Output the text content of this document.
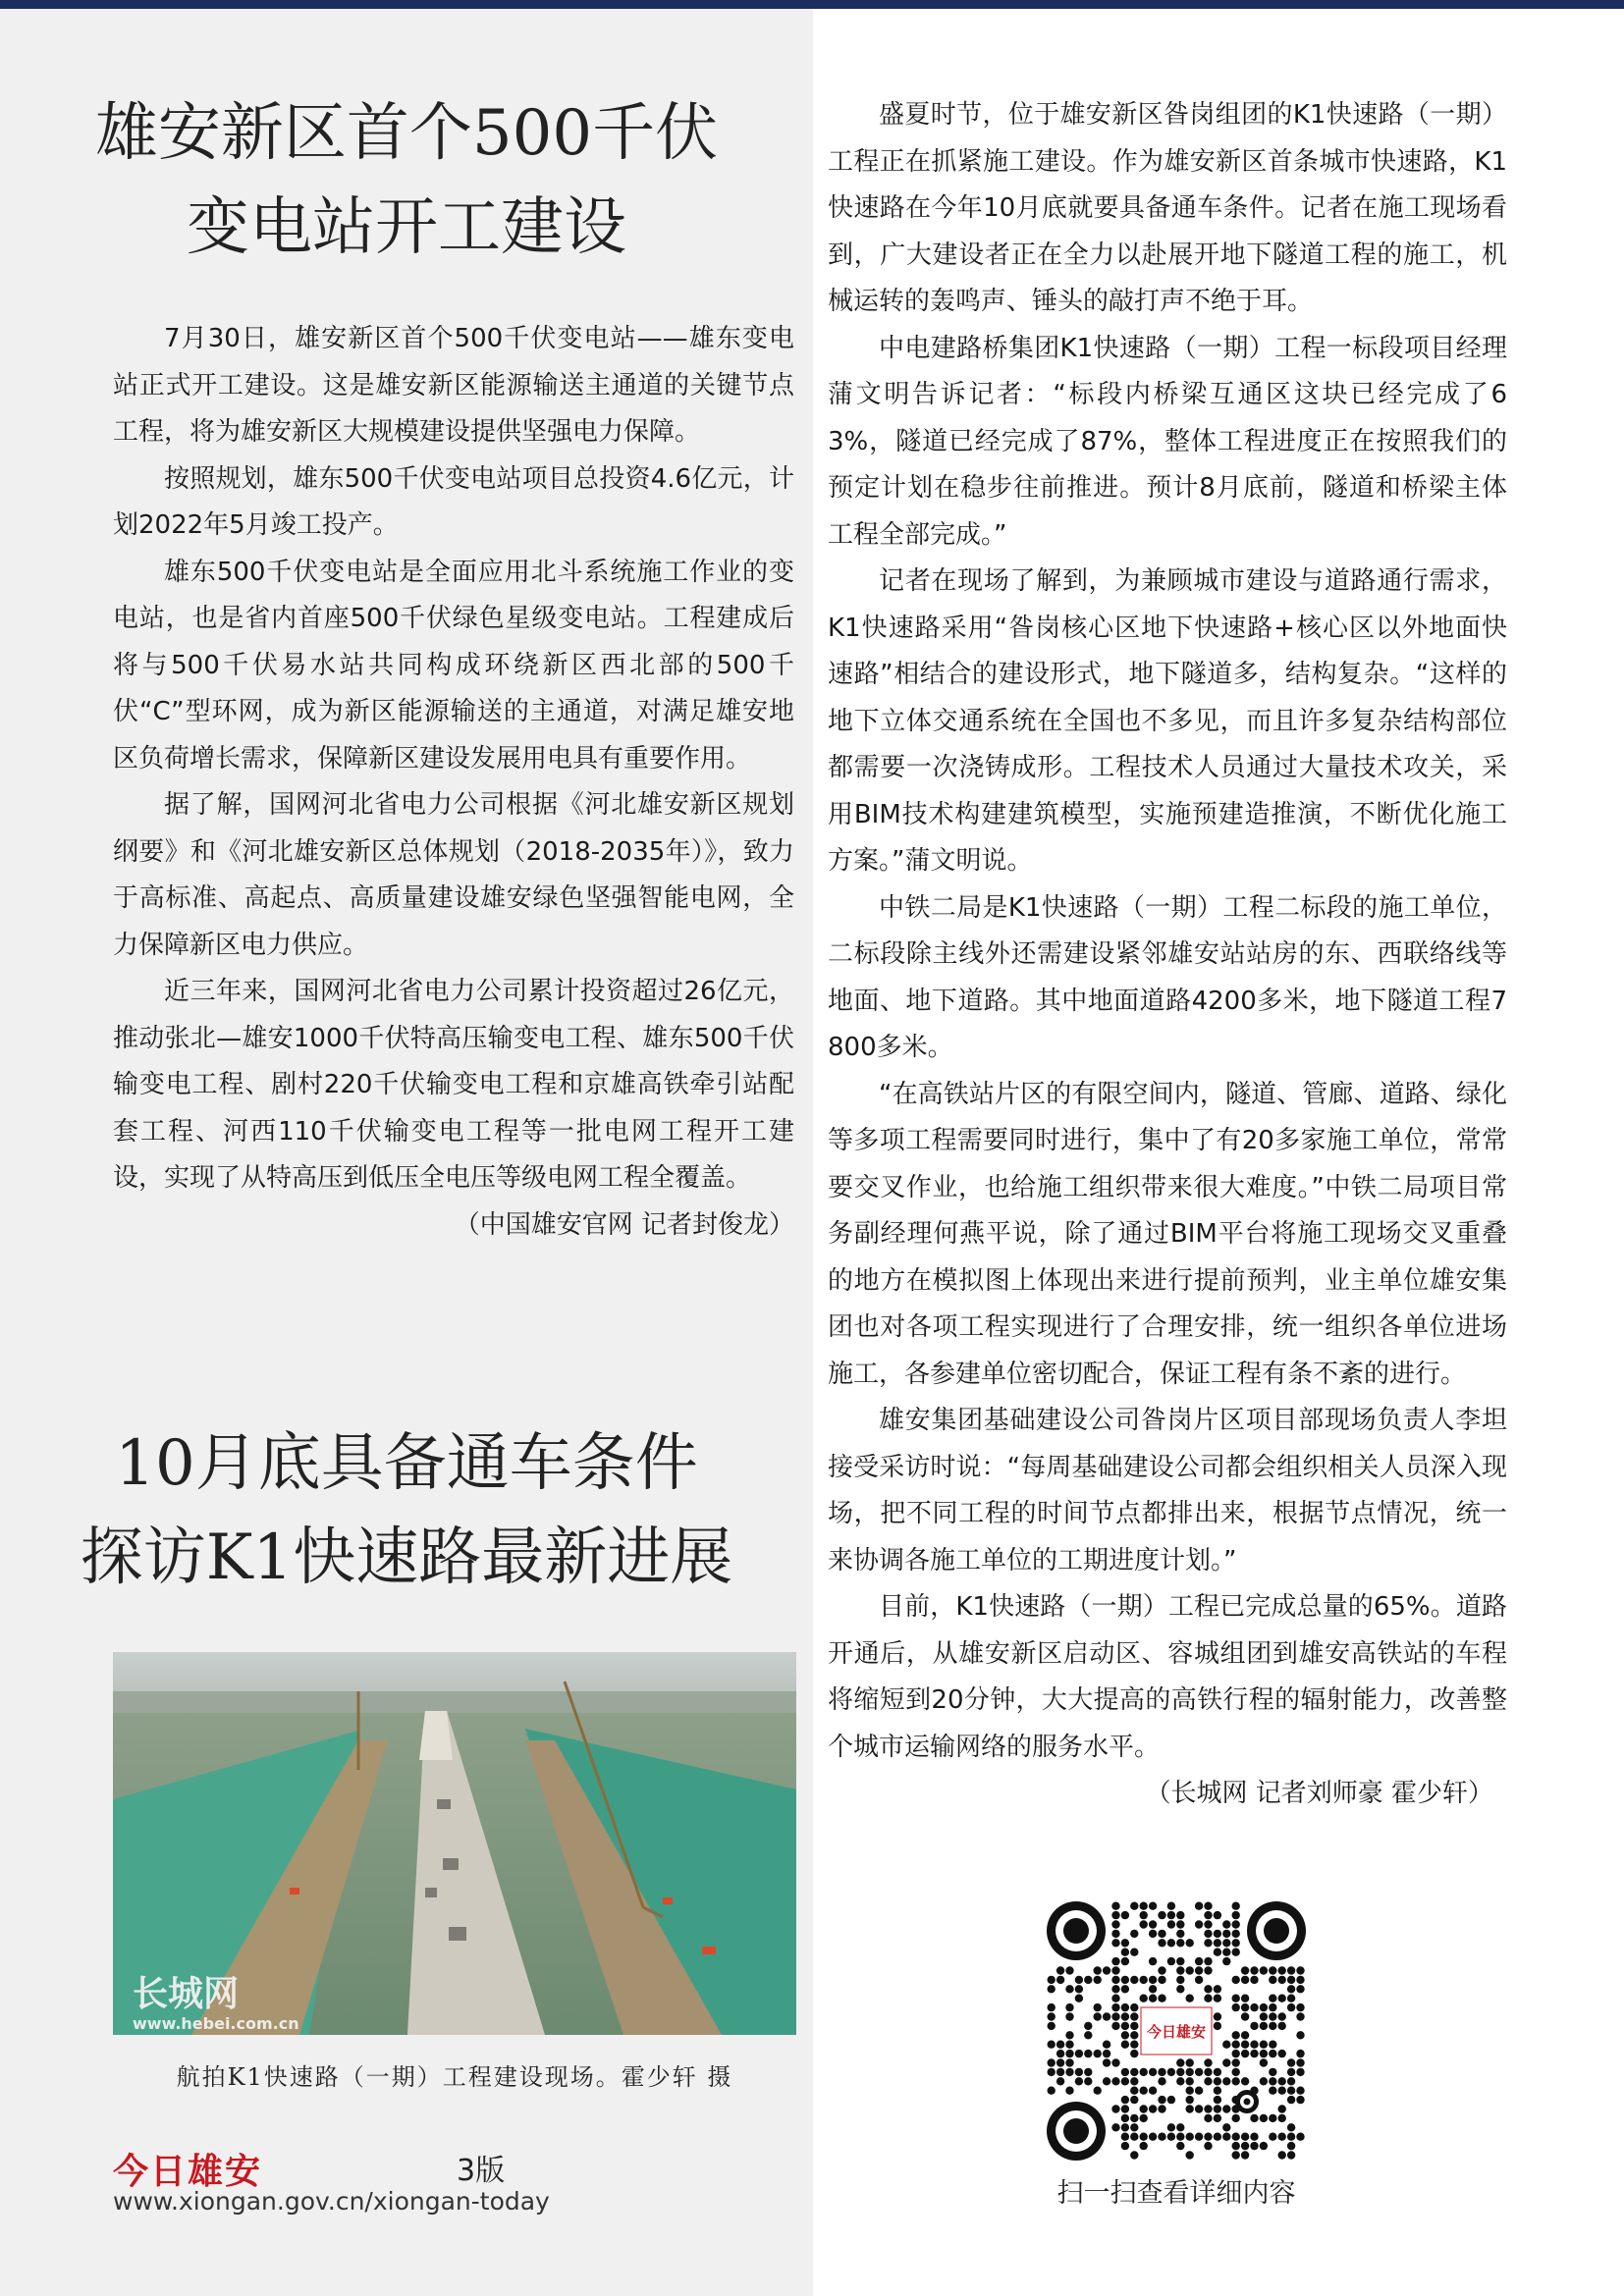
雄安新区首个500千伏
变电站开工建设

7月30日，雄安新区首个500千伏变电站——雄东变电站正式开工建设。这是雄安新区能源输送主通道的关键节点工程，将为雄安新区大规模建设提供坚强电力保障。

按照规划，雄东500千伏变电站项目总投资4.6亿元，计划2022年5月竣工投产。

雄东500千伏变电站是全面应用北斗系统施工作业的变电站，也是省内首座500千伏绿色星级变电站。工程建成后将与500千伏易水站共同构成环绕新区西北部的500千伏“C”型环网，成为新区能源输送的主通道，对满足雄安地区负荷增长需求，保障新区建设发展用电具有重要作用。

据了解，国网河北省电力公司根据《河北雄安新区规划纲要》和《河北雄安新区总体规划（2018-2035年）》，致力于高标准、高起点、高质量建设雄安绿色坚强智能电网，全力保障新区电力供应。

近三年来，国网河北省电力公司累计投资超过26亿元，推动张北—雄安1000千伏特高压输变电工程、雄东500千伏输变电工程、剧村220千伏输变电工程和京雄高铁牵引站配套工程、河西110千伏输变电工程等一批电网工程开工建设，实现了从特高压到低压全电压等级电网工程全覆盖。
（中国雄安官网 记者封俊龙）

10月底具备通车条件
探访K1快速路最新进展
长城网
www.hebei.com.cn
航拍K1快速路（一期）工程建设现场。霍少轩 摄

盛夏时节，位于雄安新区昝岗组团的K1快速路（一期）工程正在抓紧施工建设。作为雄安新区首条城市快速路，K1快速路在今年10月底就要具备通车条件。记者在施工现场看到，广大建设者正在全力以赴展开地下隧道工程的施工，机械运转的轰鸣声、锤头的敲打声不绝于耳。

中电建路桥集团K1快速路（一期）工程一标段项目经理蒲文明告诉记者：“标段内桥梁互通区这块已经完成了63%，隧道已经完成了87%，整体工程进度正在按照我们的预定计划在稳步往前推进。预计8月底前，隧道和桥梁主体工程全部完成。”

记者在现场了解到，为兼顾城市建设与道路通行需求，K1快速路采用“昝岗核心区地下快速路+核心区以外地面快速路”相结合的建设形式，地下隧道多，结构复杂。“这样的地下立体交通系统在全国也不多见，而且许多复杂结构部位都需要一次浇铸成形。工程技术人员通过大量技术攻关，采用BIM技术构建建筑模型，实施预建造推演，不断优化施工方案。”蒲文明说。

中铁二局是K1快速路（一期）工程二标段的施工单位，二标段除主线外还需建设紧邻雄安站站房的东、西联络线等地面、地下道路。其中地面道路4200多米，地下隧道工程7800多米。

“在高铁站片区的有限空间内，隧道、管廊、道路、绿化等多项工程需要同时进行，集中了有20多家施工单位，常常要交叉作业，也给施工组织带来很大难度。”中铁二局项目常务副经理何燕平说，除了通过BIM平台将施工现场交叉重叠的地方在模拟图上体现出来进行提前预判，业主单位雄安集团也对各项工程实现进行了合理安排，统一组织各单位进场施工，各参建单位密切配合，保证工程有条不紊的进行。

雄安集团基础建设公司昝岗片区项目部现场负责人李坦接受采访时说：“每周基础建设公司都会组织相关人员深入现场，把不同工程的时间节点都排出来，根据节点情况，统一来协调各施工单位的工期进度计划。”

目前，K1快速路（一期）工程已完成总量的65%。道路开通后，从雄安新区启动区、容城组团到雄安高铁站的车程将缩短到20分钟，大大提高的高铁行程的辐射能力，改善整个城市运输网络的服务水平。

（长城网 记者刘师豪 霍少轩）
今日雄安	3版
www.xiongan.gov.cn/xiongan-today
今日雄安
扫一扫查看详细内容
